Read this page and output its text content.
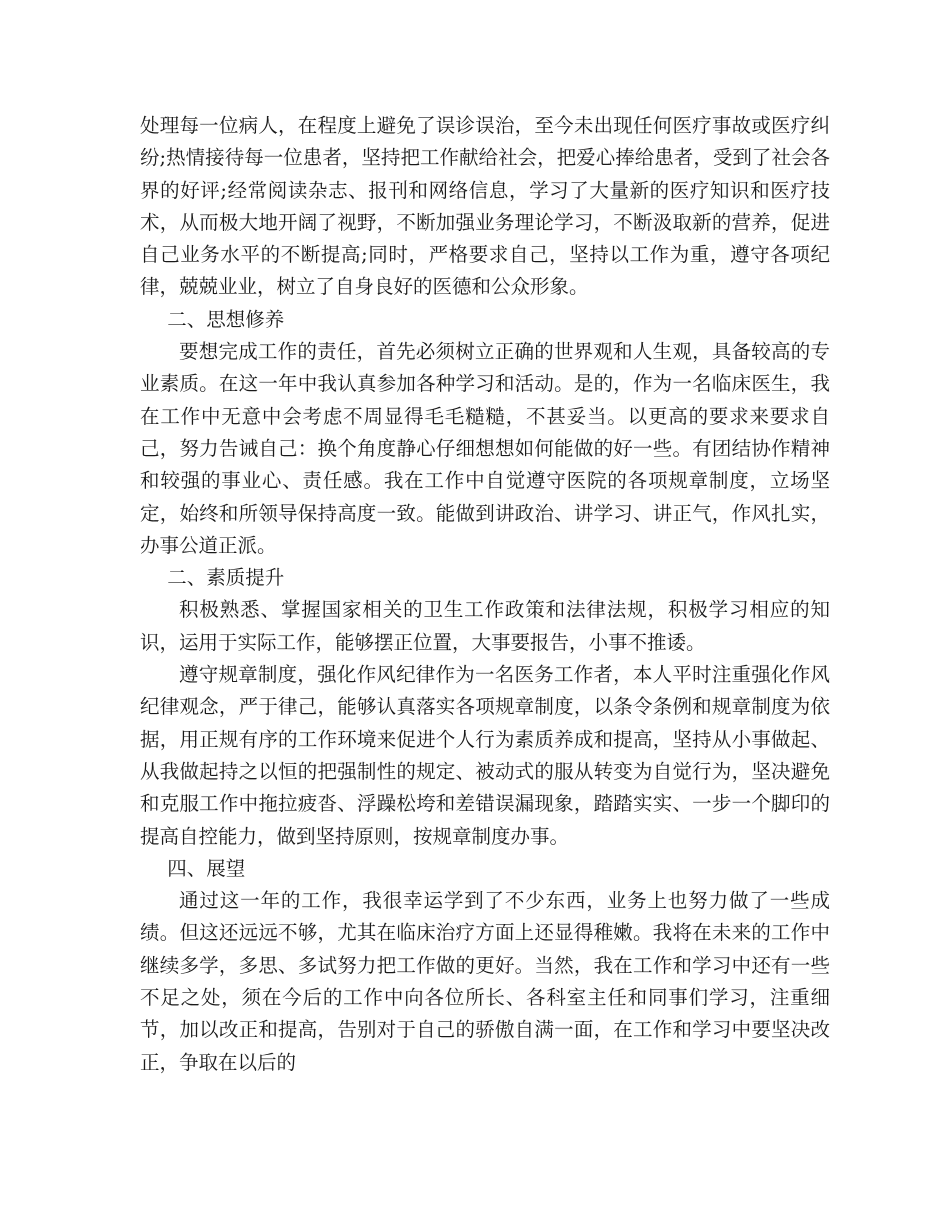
处理每一位病人，在程度上避免了误诊误治，至今未出现任何医疗事故或医疗纠纷;热情接待每一位患者，坚持把工作献给社会，把爱心捧给患者，受到了社会各界的好评;经常阅读杂志、报刊和网络信息，学习了大量新的医疗知识和医疗技术，从而极大地开阔了视野，不断加强业务理论学习，不断汲取新的营养，促进自己业务水平的不断提高;同时，严格要求自己，坚持以工作为重，遵守各项纪律，兢兢业业，树立了自身良好的医德和公众形象。

二、思想修养

要想完成工作的责任，首先必须树立正确的世界观和人生观，具备较高的专业素质。在这一年中我认真参加各种学习和活动。是的，作为一名临床医生，我在工作中无意中会考虑不周显得毛毛糙糙，不甚妥当。以更高的要求来要求自己，努力告诫自己：换个角度静心仔细想想如何能做的好一些。有团结协作精神和较强的事业心、责任感。我在工作中自觉遵守医院的各项规章制度，立场坚定，始终和所领导保持高度一致。能做到讲政治、讲学习、讲正气，作风扎实，办事公道正派。

二、素质提升

积极熟悉、掌握国家相关的卫生工作政策和法律法规，积极学习相应的知识，运用于实际工作，能够摆正位置，大事要报告，小事不推诿。

遵守规章制度，强化作风纪律作为一名医务工作者，本人平时注重强化作风纪律观念，严于律己，能够认真落实各项规章制度，以条令条例和规章制度为依据，用正规有序的工作环境来促进个人行为素质养成和提高，坚持从小事做起、从我做起持之以恒的把强制性的规定、被动式的服从转变为自觉行为，坚决避免和克服工作中拖拉疲沓、浮躁松垮和差错误漏现象，踏踏实实、一步一个脚印的提高自控能力，做到坚持原则，按规章制度办事。

四、展望

通过这一年的工作，我很幸运学到了不少东西，业务上也努力做了一些成绩。但这还远远不够，尤其在临床治疗方面上还显得稚嫩。我将在未来的工作中继续多学，多思、多试努力把工作做的更好。当然，我在工作和学习中还有一些不足之处，须在今后的工作中向各位所长、各科室主任和同事们学习，注重细节，加以改正和提高，告别对于自己的骄傲自满一面，在工作和学习中要坚决改正，争取在以后的
